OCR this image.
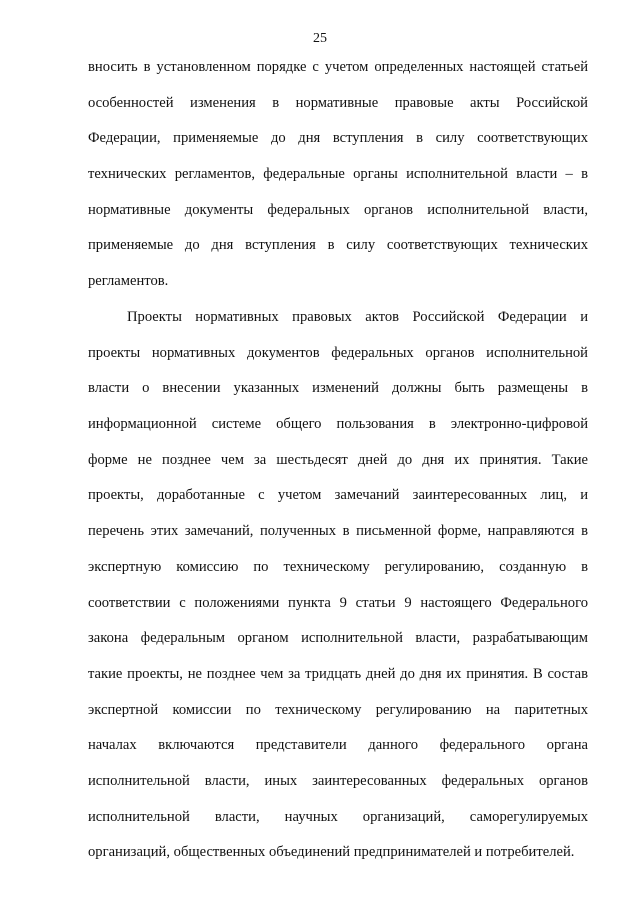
25
вносить в установленном порядке с учетом определенных настоящей статьей
особенностей изменения в нормативные правовые акты Российской
Федерации, применяемые до дня вступления в силу соответствующих
технических регламентов, федеральные органы исполнительной власти – в
нормативные документы федеральных органов исполнительной власти,
применяемые до дня вступления в силу соответствующих технических
регламентов.
Проекты нормативных правовых актов Российской Федерации и
проекты нормативных документов федеральных органов исполнительной
власти о внесении указанных изменений должны быть размещены в
информационной системе общего пользования в электронно-цифровой
форме не позднее чем за шестьдесят дней до дня их принятия. Такие
проекты, доработанные с учетом замечаний заинтересованных лиц, и
перечень этих замечаний, полученных в письменной форме, направляются в
экспертную комиссию по техническому регулированию, созданную в
соответствии с положениями пункта 9 статьи 9 настоящего Федерального
закона федеральным органом исполнительной власти, разрабатывающим
такие проекты, не позднее чем за тридцать дней до дня их принятия. В состав
экспертной комиссии по техническому регулированию на паритетных
началах включаются представители данного федерального органа
исполнительной власти, иных заинтересованных федеральных органов
исполнительной власти, научных организаций, саморегулируемых
организаций, общественных объединений предпринимателей и потребителей.
